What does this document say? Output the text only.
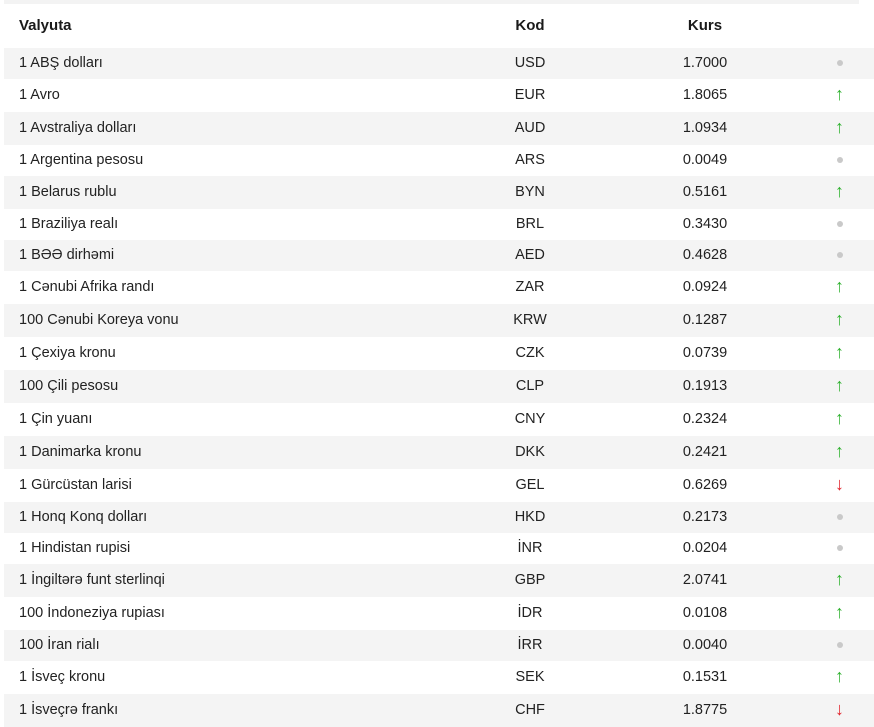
Valyuta	Kod	Kurs	
1 ABŞ dolları	USD	1.7000	
1 Avro	EUR	1.8065	↑
1 Avstraliya dolları	AUD	1.0934	↑
1 Argentina pesosu	ARS	0.0049	
1 Belarus rublu	BYN	0.5161	↑
1 Braziliya realı	BRL	0.3430	
1 BƏƏ dirhəmi	AED	0.4628	
1 Cənubi Afrika randı	ZAR	0.0924	↑
100 Cənubi Koreya vonu	KRW	0.1287	↑
1 Çexiya kronu	CZK	0.0739	↑
100 Çili pesosu	CLP	0.1913	↑
1 Çin yuanı	CNY	0.2324	↑
1 Danimarka kronu	DKK	0.2421	↑
1 Gürcüstan larisi	GEL	0.6269	↓
1 Honq Konq dolları	HKD	0.2173	
1 Hindistan rupisi	İNR	0.0204	
1 İngiltərə funt sterlinqi	GBP	2.0741	↑
100 İndoneziya rupiası	İDR	0.0108	↑
100 İran rialı	İRR	0.0040	
1 İsveç kronu	SEK	0.1531	↑
1 İsveçrə frankı	CHF	1.8775	↓
